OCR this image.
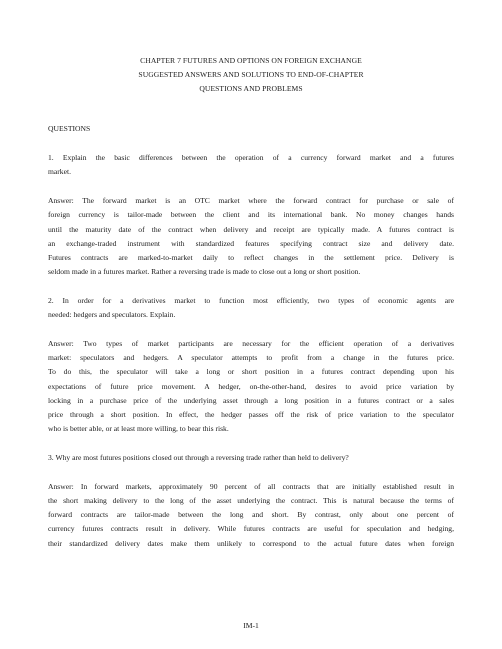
CHAPTER 7 FUTURES AND OPTIONS ON FOREIGN EXCHANGE
SUGGESTED ANSWERS AND SOLUTIONS TO END-OF-CHAPTER
QUESTIONS AND PROBLEMS
QUESTIONS
1. Explain the basic differences between the operation of a currency forward market and a futures
market.
Answer: The forward market is an OTC market where the forward contract for purchase or sale of
foreign currency is tailor-made between the client and its international bank. No money changes hands
until the maturity date of the contract when delivery and receipt are typically made. A futures contract is
an exchange-traded instrument with standardized features specifying contract size and delivery date.
Futures contracts are marked-to-market daily to reflect changes in the settlement price. Delivery is
seldom made in a futures market. Rather a reversing trade is made to close out a long or short position.
2. In order for a derivatives market to function most efficiently, two types of economic agents are
needed: hedgers and speculators. Explain.
Answer: Two types of market participants are necessary for the efficient operation of a derivatives
market: speculators and hedgers. A speculator attempts to profit from a change in the futures price.
To do this, the speculator will take a long or short position in a futures contract depending upon his
expectations of future price movement. A hedger, on-the-other-hand, desires to avoid price variation by
locking in a purchase price of the underlying asset through a long position in a futures contract or a sales
price through a short position. In effect, the hedger passes off the risk of price variation to the speculator
who is better able, or at least more willing, to bear this risk.
3. Why are most futures positions closed out through a reversing trade rather than held to delivery?
Answer: In forward markets, approximately 90 percent of all contracts that are initially established result in
the short making delivery to the long of the asset underlying the contract. This is natural because the terms of
forward contracts are tailor-made between the long and short. By contrast, only about one percent of
currency futures contracts result in delivery. While futures contracts are useful for speculation and hedging,
their standardized delivery dates make them unlikely to correspond to the actual future dates when foreign
IM-1
